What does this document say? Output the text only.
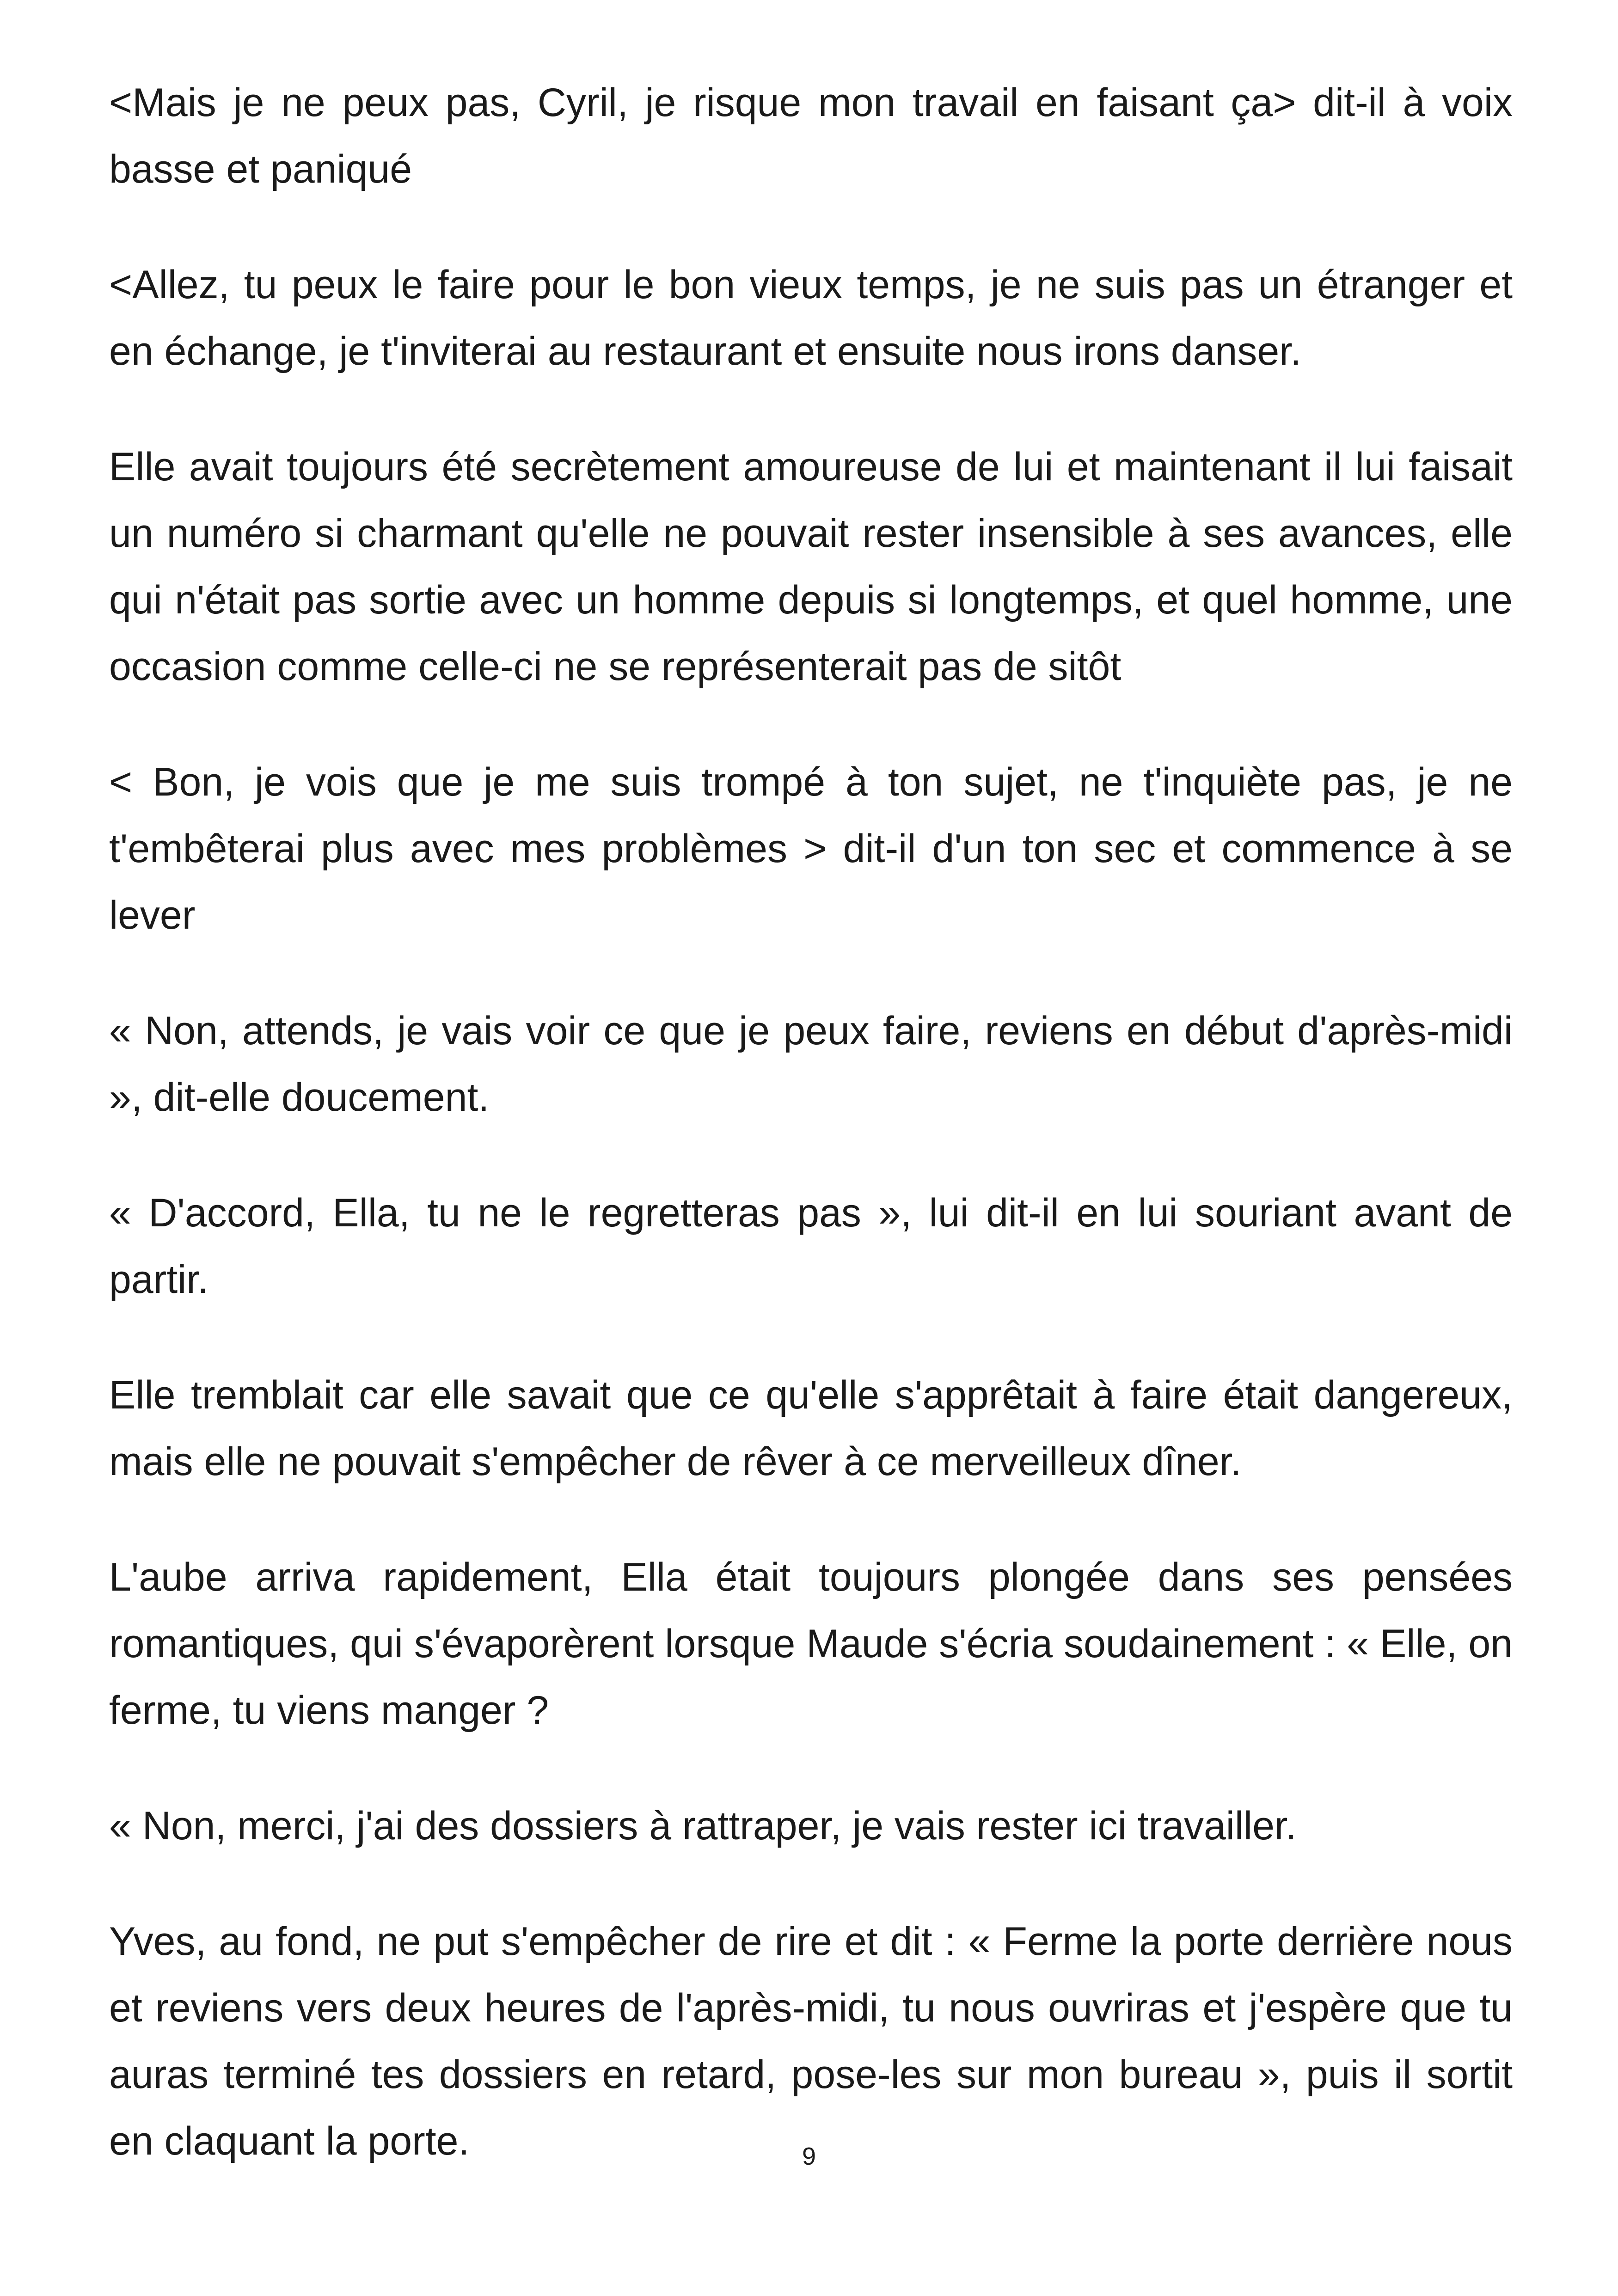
<Mais je ne peux pas, Cyril, je risque mon travail en faisant ça> dit-il à voix basse et paniqué

<Allez, tu peux le faire pour le bon vieux temps, je ne suis pas un étranger et en échange, je t'inviterai au restaurant et ensuite nous irons danser.

Elle avait toujours été secrètement amoureuse de lui et maintenant il lui faisait un numéro si charmant qu'elle ne pouvait rester insensible à ses avances, elle qui n'était pas sortie avec un homme depuis si longtemps, et quel homme, une occasion comme celle-ci ne se représenterait pas de sitôt

< Bon, je vois que je me suis trompé à ton sujet, ne t'inquiète pas, je ne t'embêterai plus avec mes problèmes > dit-il d'un ton sec et commence à se lever

« Non, attends, je vais voir ce que je peux faire, reviens en début d'après-midi », dit-elle doucement.

« D'accord, Ella, tu ne le regretteras pas », lui dit-il en lui souriant avant de partir.

Elle tremblait car elle savait que ce qu'elle s'apprêtait à faire était dangereux, mais elle ne pouvait s'empêcher de rêver à ce merveilleux dîner.

L'aube arriva rapidement, Ella était toujours plongée dans ses pensées romantiques, qui s'évaporèrent lorsque Maude s'écria soudainement : « Elle, on ferme, tu viens manger ?

« Non, merci, j'ai des dossiers à rattraper, je vais rester ici travailler.

Yves, au fond, ne put s'empêcher de rire et dit : « Ferme la porte derrière nous et reviens vers deux heures de l'après-midi, tu nous ouvriras et j'espère que tu auras terminé tes dossiers en retard, pose-les sur mon bureau », puis il sortit en claquant la porte.	9
